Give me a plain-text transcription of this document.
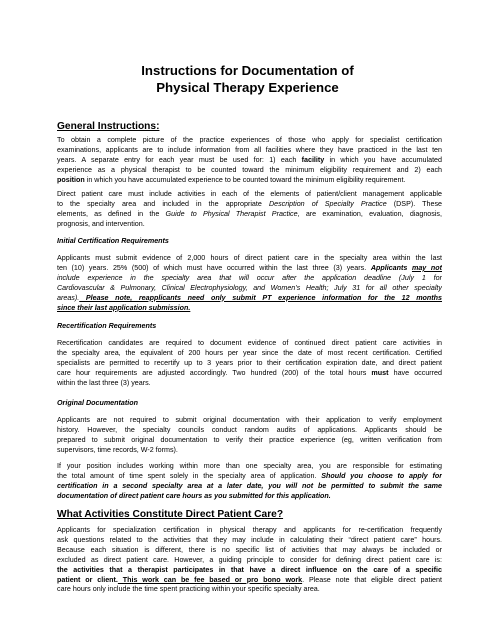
Instructions for Documentation of
Physical Therapy Experience
General Instructions:
To obtain a complete picture of the practice experiences of those who apply for specialist certification
examinations, applicants are to include information from all facilities where they have practiced in the last ten
years. A separate entry for each year must be used for: 1) each facility in which you have accumulated
experience as a physical therapist to be counted toward the minimum eligibility requirement and 2) each
position in which you have accumulated experience to be counted toward the minimum eligibility requirement.
Direct patient care must include activities in each of the elements of patient/client management applicable
to the specialty area and included in the appropriate Description of Specialty Practice (DSP). These
elements, as defined in the Guide to Physical Therapist Practice, are examination, evaluation, diagnosis,
prognosis, and intervention.
Initial Certification Requirements
Applicants must submit evidence of 2,000 hours of direct patient care in the specialty area within the last
ten (10) years. 25% (500) of which must have occurred within the last three (3) years. Applicants may not
include experience in the specialty area that will occur after the application deadline (July 1 for
Cardiovascular & Pulmonary, Clinical Electrophysiology, and Women’s Health; July 31 for all other specialty
areas). Please note, reapplicants need only submit PT experience information for the 12 months
since their last application submission.
Recertification Requirements
Recertification candidates are required to document evidence of continued direct patient care activities in
the specialty area, the equivalent of 200 hours per year since the date of most recent certification. Certified
specialists are permitted to recertify up to 3 years prior to their certification expiration date, and direct patient
care hour requirements are adjusted accordingly. Two hundred (200) of the total hours must have occurred
within the last three (3) years.
Original Documentation
Applicants are not required to submit original documentation with their application to verify employment
history. However, the specialty councils conduct random audits of applications. Applicants should be
prepared to submit original documentation to verify their practice experience (eg, written verification from
supervisors, time records, W-2 forms).
If your position includes working within more than one specialty area, you are responsible for estimating
the total amount of time spent solely in the specialty area of application. Should you choose to apply for
certification in a second specialty area at a later date, you will not be permitted to submit the same
documentation of direct patient care hours as you submitted for this application.
What Activities Constitute Direct Patient Care?
Applicants for specialization certification in physical therapy and applicants for re-certification frequently
ask questions related to the activities that they may include in calculating their “direct patient care” hours.
Because each situation is different, there is no specific list of activities that may always be included or
excluded as direct patient care. However, a guiding principle to consider for defining direct patient care is:
the activities that a therapist participates in that have a direct influence on the care of a specific
patient or client. This work can be fee based or pro bono work. Please note that eligible direct patient
care hours only include the time spent practicing within your specific specialty area.
